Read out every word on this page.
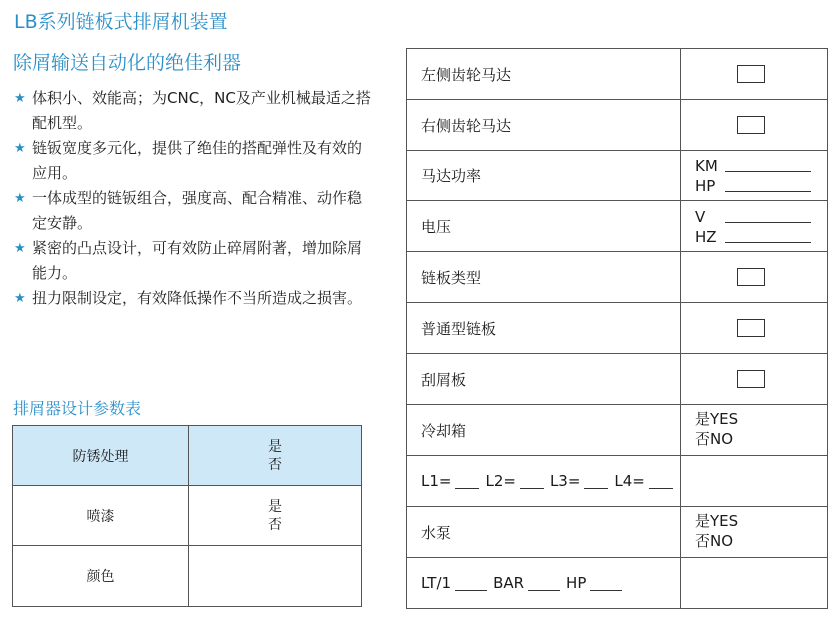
LB系列链板式排屑机装置
除屑输送自动化的绝佳利器
★ 体积小、效能高；为CNC，NC及产业机械最适之搭配机型。
★ 链钣宽度多元化，提供了绝佳的搭配弹性及有效的应用。
★ 一体成型的链钣组合，强度高、配合精准、动作稳定安静。
★ 紧密的凸点设计，可有效防止碎屑附著，增加除屑能力。
★ 扭力限制设定，有效降低操作不当所造成之损害。
排屑器设计参数表
防锈处理
是
否
喷漆
是
否
颜色
左侧齿轮马达
右侧齿轮马达
马达功率
KM
HP
电压
V
HZ
链板类型
普通型链板
刮屑板
冷却箱
是YES
否NO
L1= L2= L3= L4=
水泵
是YES
否NO
LT/1	BAR	HP
